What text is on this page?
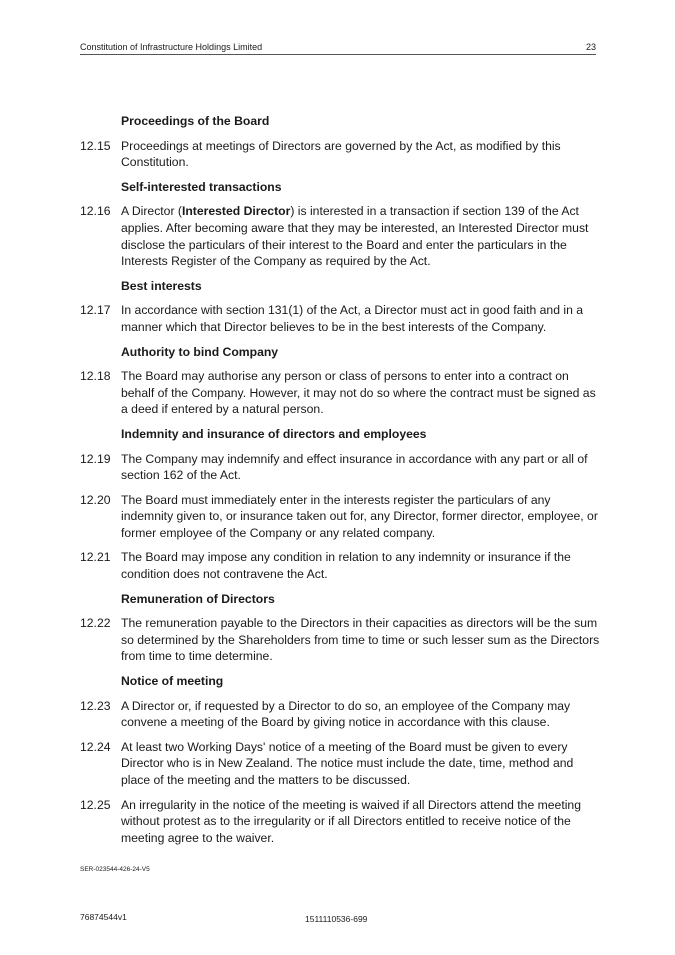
Constitution of Infrastructure Holdings Limited	23
Proceedings of the Board
12.15 Proceedings at meetings of Directors are governed by the Act, as modified by this Constitution.
Self-interested transactions
12.16 A Director (Interested Director) is interested in a transaction if section 139 of the Act applies. After becoming aware that they may be interested, an Interested Director must disclose the particulars of their interest to the Board and enter the particulars in the Interests Register of the Company as required by the Act.
Best interests
12.17 In accordance with section 131(1) of the Act, a Director must act in good faith and in a manner which that Director believes to be in the best interests of the Company.
Authority to bind Company
12.18 The Board may authorise any person or class of persons to enter into a contract on behalf of the Company. However, it may not do so where the contract must be signed as a deed if entered by a natural person.
Indemnity and insurance of directors and employees
12.19 The Company may indemnify and effect insurance in accordance with any part or all of section 162 of the Act.
12.20 The Board must immediately enter in the interests register the particulars of any indemnity given to, or insurance taken out for, any Director, former director, employee, or former employee of the Company or any related company.
12.21 The Board may impose any condition in relation to any indemnity or insurance if the condition does not contravene the Act.
Remuneration of Directors
12.22 The remuneration payable to the Directors in their capacities as directors will be the sum so determined by the Shareholders from time to time or such lesser sum as the Directors from time to time determine.
Notice of meeting
12.23 A Director or, if requested by a Director to do so, an employee of the Company may convene a meeting of the Board by giving notice in accordance with this clause.
12.24 At least two Working Days' notice of a meeting of the Board must be given to every Director who is in New Zealand. The notice must include the date, time, method and place of the meeting and the matters to be discussed.
12.25 An irregularity in the notice of the meeting is waived if all Directors attend the meeting without protest as to the irregularity or if all Directors entitled to receive notice of the meeting agree to the waiver.
SER-023544-426-24-V5
76874544v1	1511110536-699
